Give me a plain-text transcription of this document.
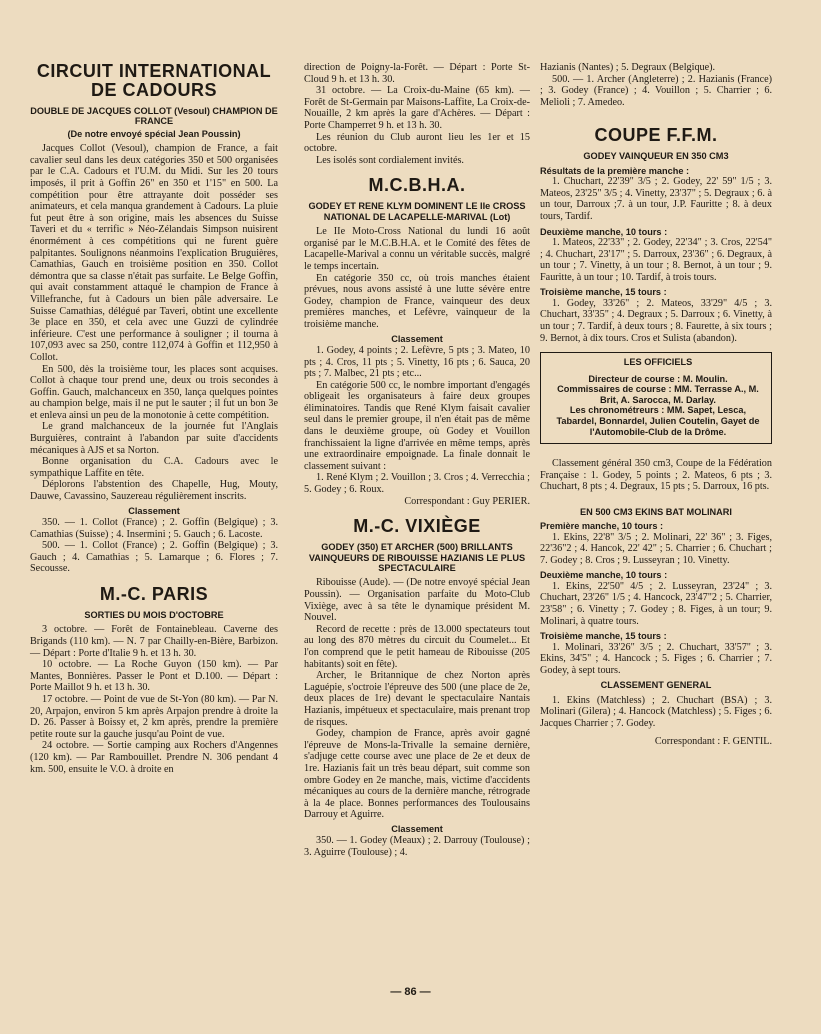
CIRCUIT INTERNATIONAL DE CADOURS
DOUBLE DE JACQUES COLLOT (Vesoul) CHAMPION DE FRANCE
(De notre envoyé spécial Jean Poussin)

Jacques Collot (Vesoul), champion de France, a fait cavalier seul dans les deux catégories 350 et 500 organisées par le C.A. Cadours et l'U.M. du Midi. Sur les 20 tours imposés, il prit à Goffin 26" en 350 et 1'15" en 500. La compétition pour être attrayante doit posséder ses animateurs, et cela manqua grandement à Cadours. La pluie fut peut être à son origine, mais les absences du Suisse Taveri et du « terrific » Néo-Zélandais Simpson nuisirent énormément à ces compétitions qui ne furent guère palpitantes. Soulignons néanmoins l'explication Bruguières, Camathias, Gauch en troisième position en 350. Collot démontra que sa classe n'était pas surfaite. Le Belge Goffin, qui avait constamment attaqué le champion de France à Villefranche, fut à Cadours un bien pâle adversaire. Le Suisse Camathias, délégué par Taveri, obtint une excellente 3e place en 350, et cela avec une Guzzi de cylindrée inférieure. C'est une performance à souligner ; il tourna à 107,093 avec sa 250, contre 112,074 à Goffin et 112,950 à Collot.

En 500, dès la troisième tour, les places sont acquises. Collot à chaque tour prend une, deux ou trois secondes à Goffin. Gauch, malchanceux en 350, lança quelques pointes au champion belge, mais il ne put le sauter ; il fut un bon 3e et enleva ainsi un peu de la monotonie à cette compétition.

Le grand malchanceux de la journée fut l'Anglais Burguières, contraint à l'abandon par suite d'accidents mécaniques à AJS et sa Norton.

Bonne organisation du C.A. Cadours avec le sympathique Laffite en tête.

Déplorons l'abstention des Chapelle, Hug, Mouty, Dauwe, Cavassino, Sauzereau régulièrement inscrits.

Classement

350. — 1. Collot (France) ; 2. Goffin (Belgique) ; 3. Camathias (Suisse) ; 4. Insermini ; 5. Gauch ; 6. Lacoste.

500. — 1. Collot (France) ; 2. Goffin (Belgique) ; 3. Gauch ; 4. Camathias ; 5. Lamarque ; 6. Flores ; 7. Secousse.

M.-C. PARIS
SORTIES DU MOIS D'OCTOBRE

3 octobre. — Forêt de Fontainebleau. Caverne des Brigands (110 km). — N. 7 par Chailly-en-Bière, Barbizon. — Départ : Porte d'Italie 9 h. et 13 h. 30.

10 octobre. — La Roche Guyon (150 km). — Par Mantes, Bonnières. Passer le Pont et D.100. — Départ : Porte Maillot 9 h. et 13 h. 30.

17 octobre. — Point de vue de St-Yon (80 km). — Par N. 20, Arpajon, environ 5 km après Arpajon prendre à droite la D. 26. Passer à Boissy et, 2 km après, prendre la première petite route sur la gauche jusqu'au Point de vue.

24 octobre. — Sortie camping aux Rochers d'Angennes (120 km). — Par Rambouillet. Prendre N. 306 pendant 4 km. 500, ensuite le V.O. à droite en

direction de Poigny-la-Forêt. — Départ : Porte St-Cloud 9 h. et 13 h. 30.

31 octobre. — La Croix-du-Maine (65 km). — Forêt de St-Germain par Maisons-Laffite, La Croix-de-Nouaille, 2 km après la gare d'Achères. — Départ : Porte Champerret 9 h. et 13 h. 30.

Les réunion du Club auront lieu les 1er et 15 octobre.

Les isolés sont cordialement invités.

M.C.B.H.A.
GODEY ET RENE KLYM DOMINENT LE IIe CROSS NATIONAL DE LACAPELLE-MARIVAL (Lot)

Le IIe Moto-Cross National du lundi 16 août organisé par le M.C.B.H.A. et le Comité des fêtes de Lacapelle-Marival a connu un véritable succès, malgré le temps incertain.

En catégorie 350 cc, où trois manches étaient prévues, nous avons assisté à une lutte sévère entre Godey, champion de France, vainqueur des deux premières manches, et Lefèvre, vainqueur de la troisième manche.

Classement

1. Godey, 4 points ; 2. Lefèvre, 5 pts ; 3. Mateo, 10 pts ; 4. Cros, 11 pts ; 5. Vinetty, 16 pts ; 6. Sauca, 20 pts ; 7. Malbec, 21 pts ; etc...

En catégorie 500 cc, le nombre important d'engagés obligeait les organisateurs à faire deux groupes éliminatoires. Tandis que René Klym faisait cavalier seul dans le premier groupe, il n'en était pas de même dans le deuxième groupe, où Godey et Vouillon franchissaient la ligne d'arrivée en même temps, après une extraordinaire empoignade. La finale donnait le classement suivant :

1. René Klym ; 2. Vouillon ; 3. Cros ; 4. Verrecchia ; 5. Godey ; 6. Roux.

Correspondant : Guy PERIER.

M.-C. VIXIÈGE
GODEY (350) ET ARCHER (500) BRILLANTS VAINQUEURS DE RIBOUISSE HAZIANIS LE PLUS SPECTACULAIRE

Ribouisse (Aude). — (De notre envoyé spécial Jean Poussin). — Organisation parfaite du Moto-Club Vixiège, avec à sa tête le dynamique président M. Nouvel.

Record de recette : près de 13.000 spectateurs tout au long des 870 mètres du circuit du Coumelet... Et l'on comprend que le petit hameau de Ribouisse (205 habitants) soit en fête).

Archer, le Britannique de chez Norton après Laguépie, s'octroie l'épreuve des 500 (une place de 2e, deux places de 1re) devant le spectaculaire Nantais Hazianis, impétueux et spectaculaire, mais prenant trop de risques.

Godey, champion de France, après avoir gagné l'épreuve de Mons-la-Trivalle la semaine dernière, s'adjuge cette course avec une place de 2e et deux de 1re. Hazianis fait un très beau départ, suit comme son ombre Godey en 2e manche, mais, victime d'accidents mécaniques au cours de la dernière manche, rétrograde à la 4e place. Bonnes performances des Toulousains Darrouy et Aguirre.

Classement

350. — 1. Godey (Meaux) ; 2. Darrouy (Toulouse) ; 3. Aguirre (Toulouse) ; 4.

Hazianis (Nantes) ; 5. Degraux (Belgique).

500. — 1. Archer (Angleterre) ; 2. Hazianis (France) ; 3. Godey (France) ; 4. Vouillon ; 5. Charrier ; 6. Melioli ; 7. Amedeo.

COUPE F.F.M.
GODEY VAINQUEUR EN 350 CM3
Résultats de la première manche :

1. Chuchart, 22'39" 3/5 ; 2. Godey, 22' 59" 1/5 ; 3. Mateos, 23'25" 3/5 ; 4. Vinetty, 23'37" ; 5. Degraux ; 6. à un tour, Darroux ;7. à un tour, J.P. Fauritte ; 8. à deux tours, Tardif.

Deuxième manche, 10 tours :

1. Mateos, 22'33" ; 2. Godey, 22'34" ; 3. Cros, 22'54" ; 4. Chuchart, 23'17" ; 5. Darroux, 23'36" ; 6. Degraux, à un tour ; 7. Vinetty, à un tour ; 8. Bernot, à un tour ; 9. Fauritte, à un tour ; 10. Tardif, à trois tours.

Troisième manche, 15 tours :

1. Godey, 33'26" ; 2. Mateos, 33'29" 4/5 ; 3. Chuchart, 33'35" ; 4. Degraux ; 5. Darroux ; 6. Vinetty, à un tour ; 7. Tardif, à deux tours ; 8. Faurette, à six tours ; 9. Bernot, à dix tours. Cros et Sulista (abandon).

LES OFFICIELS

Directeur de course : M. Moulin.

Commissaires de course : MM. Terrasse A., M. Brit, A. Sarocca, M. Darlay.

Les chronométreurs : MM. Sapet, Lesca, Tabardel, Bonnardel, Julien Coutelin, Gayet de l'Automobile-Club de la Drôme.

Classement général 350 cm3, Coupe de la Fédération Française : 1. Godey, 5 points ; 2. Mateos, 6 pts ; 3. Chuchart, 8 pts ; 4. Degraux, 15 pts ; 5. Darroux, 16 pts.

EN 500 CM3 EKINS BAT MOLINARI
Première manche, 10 tours :

1. Ekins, 22'8" 3/5 ; 2. Molinari, 22' 36" ; 3. Figes, 22'36"2 ; 4. Hancok, 22' 42" ; 5. Charrier ; 6. Chuchart ; 7. Godey ; 8. Cros ; 9. Lusseyran ; 10. Vinetty.

Deuxième manche, 10 tours :

1. Ekins, 22'50" 4/5 ; 2. Lusseyran, 23'24" ; 3. Chuchart, 23'26" 1/5 ; 4. Hancock, 23'47"2 ; 5. Charrier, 23'58" ; 6. Vinetty ; 7. Godey ; 8. Figes, à un tour; 9. Molinari, à quatre tours.

Troisième manche, 15 tours :

1. Molinari, 33'26" 3/5 ; 2. Chuchart, 33'57" ; 3. Ekins, 34'5" ; 4. Hancock ; 5. Figes ; 6. Charrier ; 7. Godey, à sept tours.

CLASSEMENT GENERAL

1. Ekins (Matchless) ; 2. Chuchart (BSA) ; 3. Molinari (Gilera) ; 4. Hancock (Matchless) ; 5. Figes ; 6. Jacques Charrier ; 7. Godey.

Correspondant : F. GENTIL.

— 86 —
